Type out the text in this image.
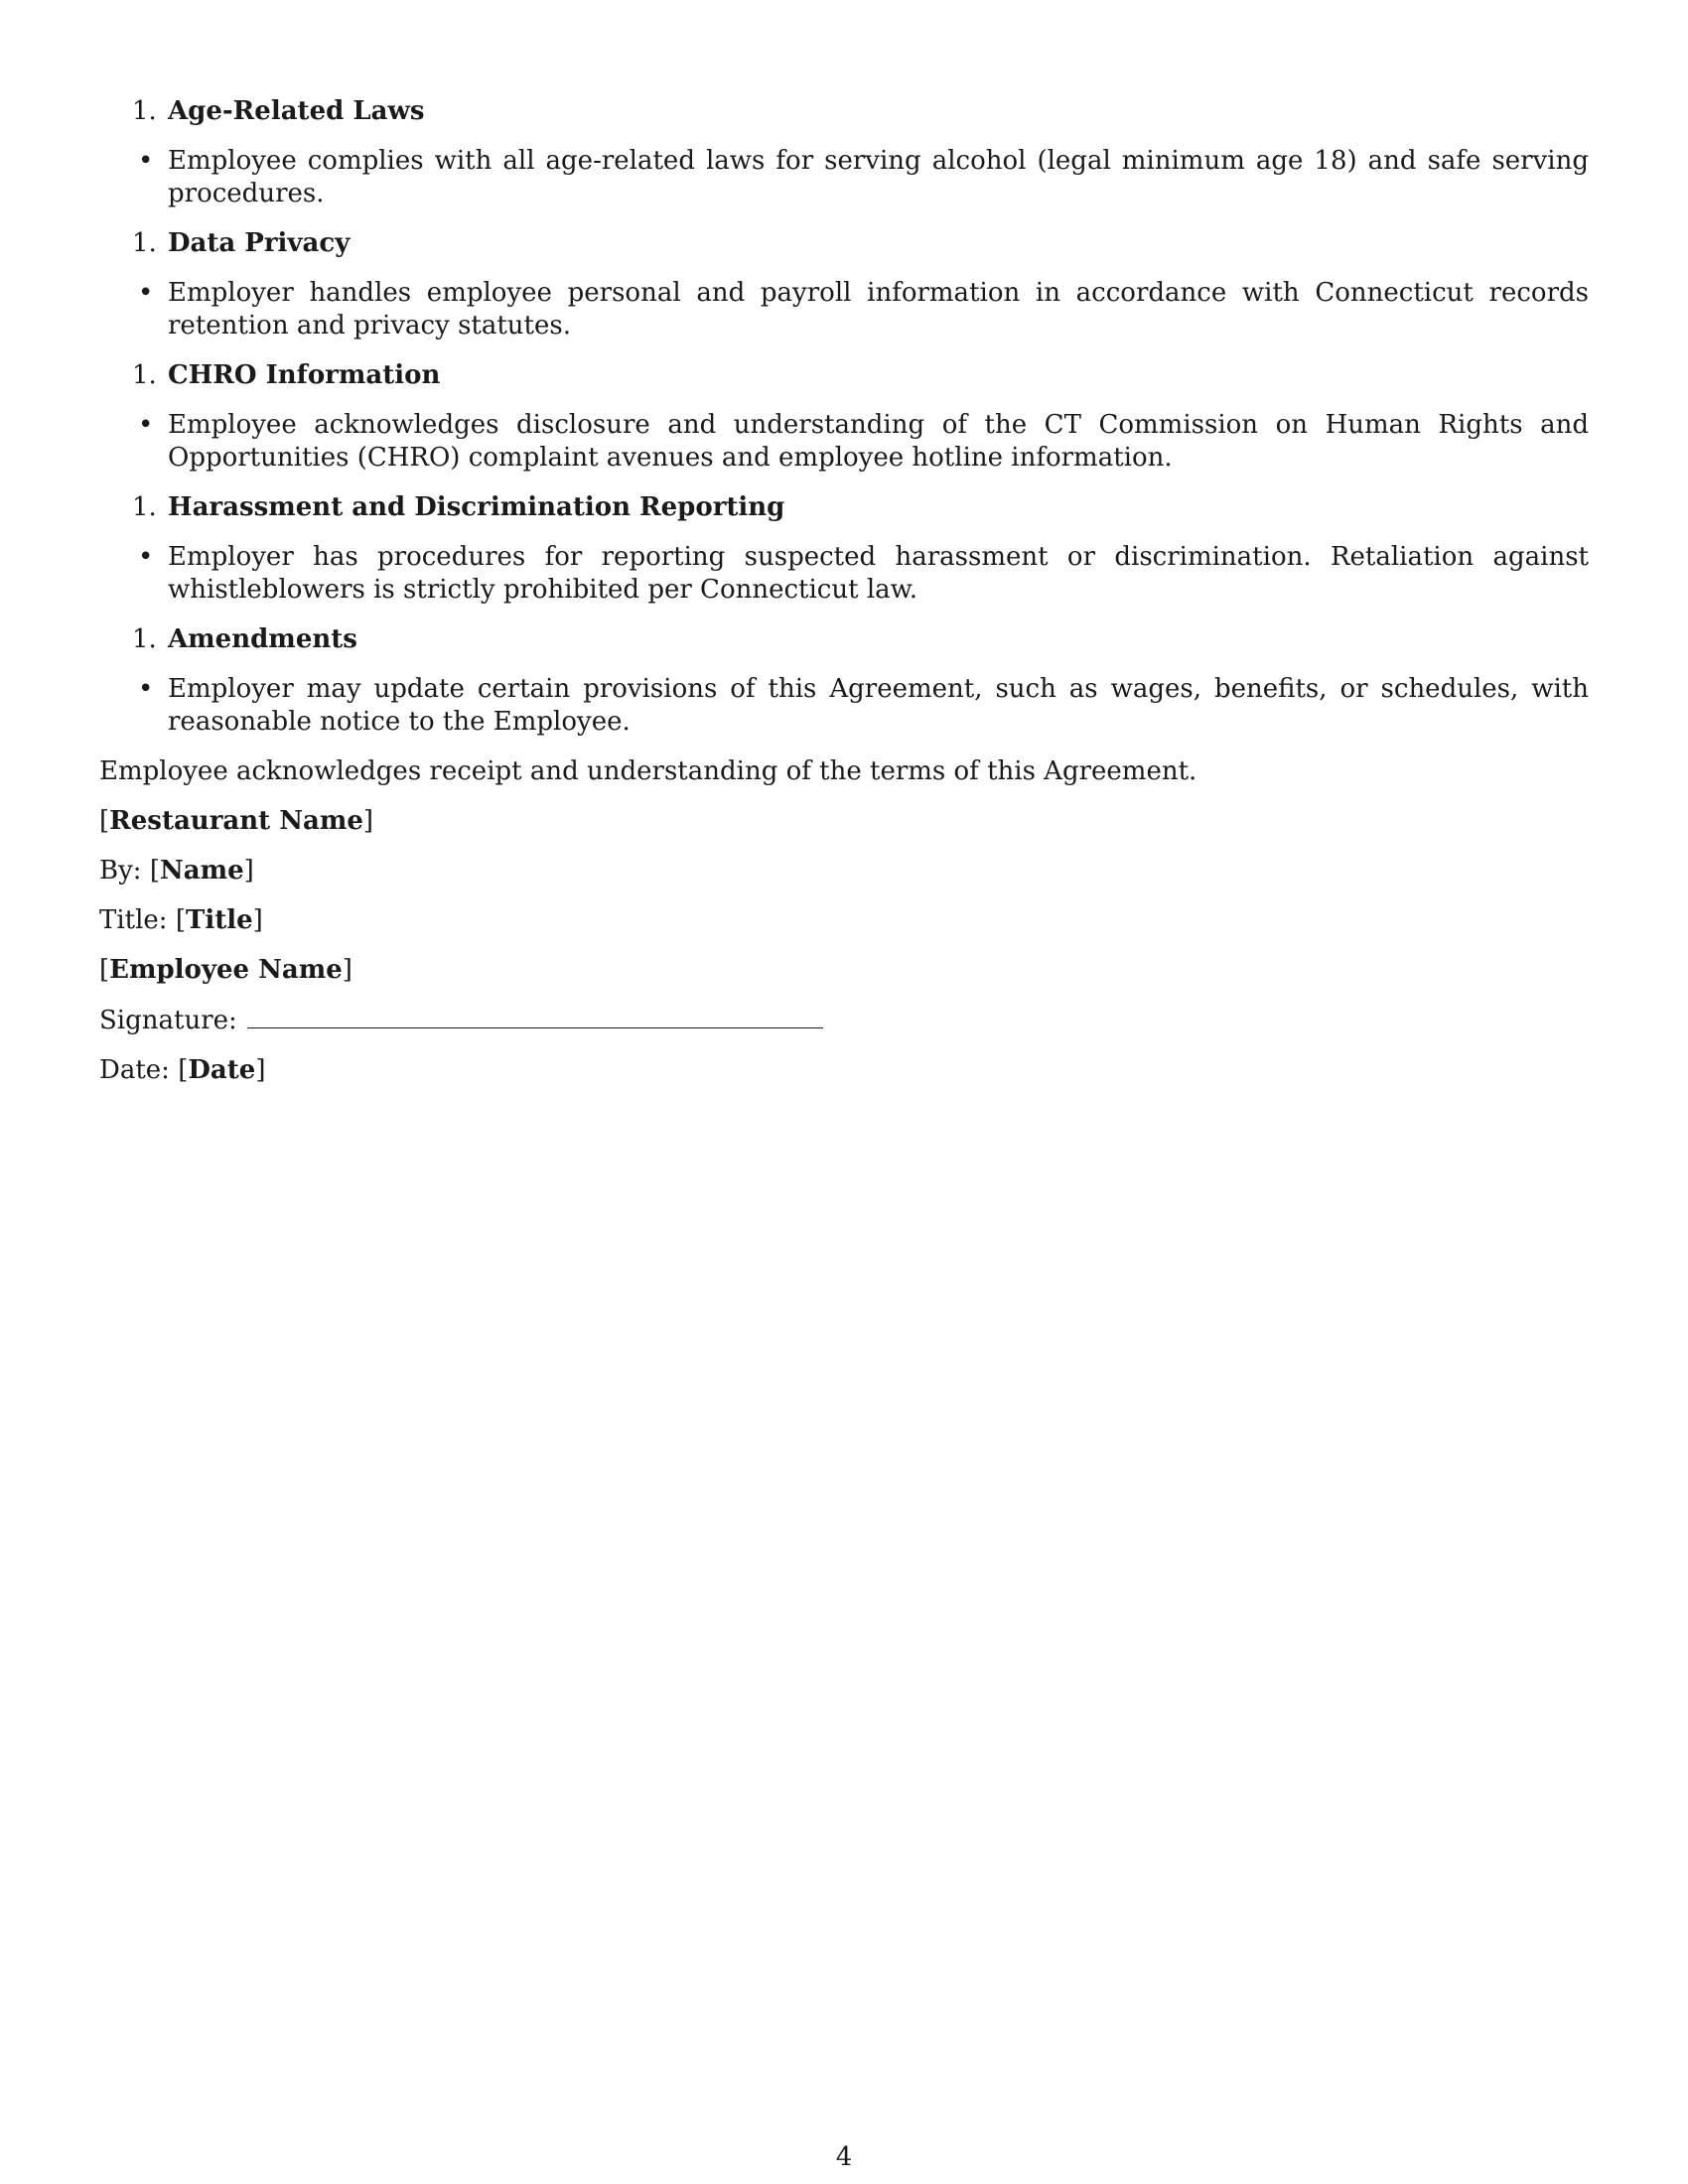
1. Age-Related Laws

• Employee complies with all age-related laws for serving alcohol (legal minimum age 18) and safe serving procedures.

1. Data Privacy

• Employer handles employee personal and payroll information in accordance with Connecticut records retention and privacy statutes.

1. CHRO Information

• Employee acknowledges disclosure and understanding of the CT Commission on Human Rights and Opportunities (CHRO) complaint avenues and employee hotline information.

1. Harassment and Discrimination Reporting

• Employer has procedures for reporting suspected harassment or discrimination. Retaliation against whistleblowers is strictly prohibited per Connecticut law.

1. Amendments

• Employer may update certain provisions of this Agreement, such as wages, benefits, or schedules, with reasonable notice to the Employee.

Employee acknowledges receipt and understanding of the terms of this Agreement.

[Restaurant Name]

By: [Name]

Title: [Title]

[Employee Name]

Signature:

Date: [Date]

4
